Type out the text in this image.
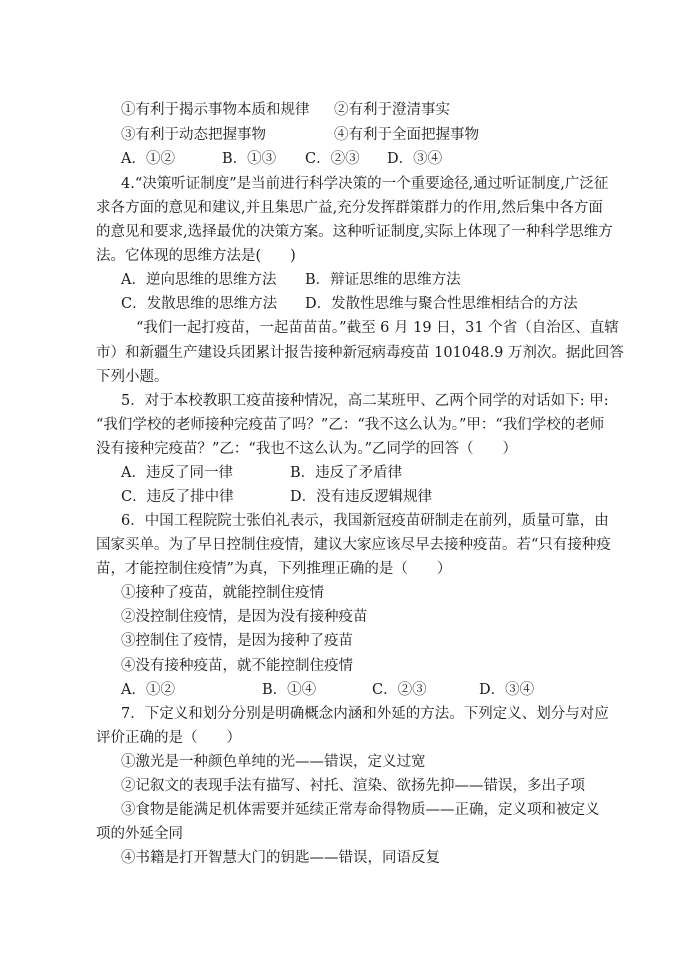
①有利于揭示事物本质和规律 ②有利于澄清事实
③有利于动态把握事物	④有利于全面把握事物
A．①②	B．①③ C．②③ D．③④
4.“决策听证制度”是当前进行科学决策的一个重要途径,通过听证制度,广泛征
求各方面的意见和建议,并且集思广益,充分发挥群策群力的作用,然后集中各方面
的意见和要求,选择最优的决策方案。这种听证制度,实际上体现了一种科学思维方
法。它体现的思维方法是(　　)
A．逆向思维的思维方法 B．辩证思维的思维方法
C．发散思维的思维方法 D．发散性思维与聚合性思维相结合的方法
“我们一起打疫苗，一起苗苗苗。”截至 6 月 19 日，31 个省（自治区、直辖
市）和新疆生产建设兵团累计报告接种新冠病毒疫苗 101048.9 万剂次。据此回答
下列小题。
5．对于本校教职工疫苗接种情况，高二某班甲、乙两个同学的对话如下: 甲:
“我们学校的老师接种完疫苗了吗？”乙：“我不这么认为。”甲：“我们学校的老师
没有接种完疫苗？”乙：“我也不这么认为。”乙同学的回答（　　）
A．违反了同一律	B．违反了矛盾律
C．违反了排中律	D．没有违反逻辑规律
6．中国工程院院士张伯礼表示，我国新冠疫苗研制走在前列，质量可靠，由
国家买单。为了早日控制住疫情，建议大家应该尽早去接种疫苗。若“只有接种疫
苗，才能控制住疫情”为真，下列推理正确的是（　　）
①接种了疫苗，就能控制住疫情
②没控制住疫情，是因为没有接种疫苗
③控制住了疫情，是因为接种了疫苗
④没有接种疫苗，就不能控制住疫情
A．①②	B．①④	C．②③	D．③④
7．下定义和划分分别是明确概念内涵和外延的方法。下列定义、划分与对应
评价正确的是（　　）
①激光是一种颜色单纯的光——错误，定义过宽
②记叙文的表现手法有描写、衬托、渲染、欲扬先抑——错误，多出子项
③食物是能满足机体需要并延续正常寿命得物质——正确，定义项和被定义
项的外延全同
④书籍是打开智慧大门的钥匙——错误，同语反复
